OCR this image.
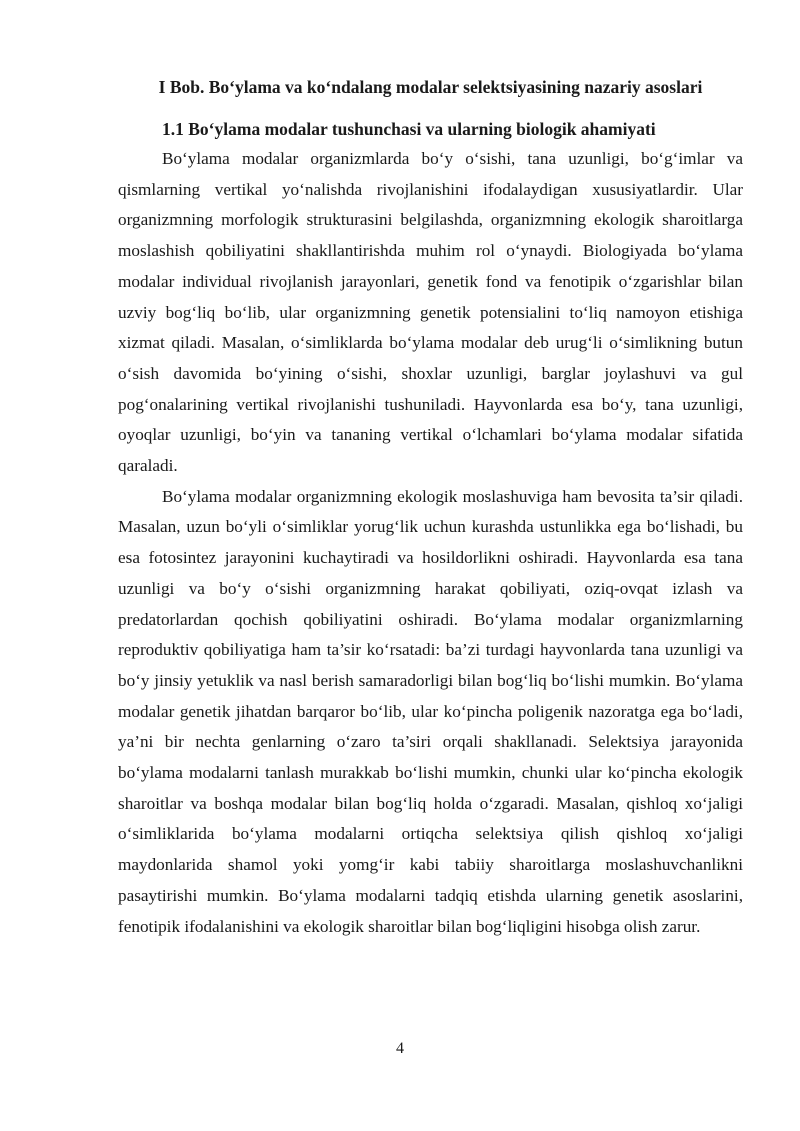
I Bob. Bo‘ylama va ko‘ndalang modalar selektsiyasining nazariy asoslari
1.1 Bo‘ylama modalar tushunchasi va ularning biologik ahamiyati

Bo‘ylama modalar organizmlarda bo‘y o‘sishi, tana uzunligi, bo‘g‘imlar va qismlarning vertikal yo‘nalishda rivojlanishini ifodalaydigan xususiyatlardir. Ular organizmning morfologik strukturasini belgilashda, organizmning ekologik sharoitlarga moslashish qobiliyatini shakllantirishda muhim rol o‘ynaydi. Biologiyada bo‘ylama modalar individual rivojlanish jarayonlari, genetik fond va fenotipik o‘zgarishlar bilan uzviy bog‘liq bo‘lib, ular organizmning genetik potensialini to‘liq namoyon etishiga xizmat qiladi. Masalan, o‘simliklarda bo‘ylama modalar deb urug‘li o‘simlikning butun o‘sish davomida bo‘yining o‘sishi, shoxlar uzunligi, barglar joylashuvi va gul pog‘onalarining vertikal rivojlanishi tushuniladi. Hayvonlarda esa bo‘y, tana uzunligi, oyoqlar uzunligi, bo‘yin va tananing vertikal o‘lchamlari bo‘ylama modalar sifatida qaraladi.

Bo‘ylama modalar organizmning ekologik moslashuviga ham bevosita ta’sir qiladi. Masalan, uzun bo‘yli o‘simliklar yorug‘lik uchun kurashda ustunlikka ega bo‘lishadi, bu esa fotosintez jarayonini kuchaytiradi va hosildorlikni oshiradi. Hayvonlarda esa tana uzunligi va bo‘y o‘sishi organizmning harakat qobiliyati, oziq-ovqat izlash va predatorlardan qochish qobiliyatini oshiradi. Bo‘ylama modalar organizmlarning reproduktiv qobiliyatiga ham ta’sir ko‘rsatadi: ba’zi turdagi hayvonlarda tana uzunligi va bo‘y jinsiy yetuklik va nasl berish samaradorligi bilan bog‘liq bo‘lishi mumkin. Bo‘ylama modalar genetik jihatdan barqaror bo‘lib, ular ko‘pincha poligenik nazoratga ega bo‘ladi, ya’ni bir nechta genlarning o‘zaro ta’siri orqali shakllanadi. Selektsiya jarayonida bo‘ylama modalarni tanlash murakkab bo‘lishi mumkin, chunki ular ko‘pincha ekologik sharoitlar va boshqa modalar bilan bog‘liq holda o‘zgaradi. Masalan, qishloq xo‘jaligi o‘simliklarida bo‘ylama modalarni ortiqcha selektsiya qilish qishloq xo‘jaligi maydonlarida shamol yoki yomg‘ir kabi tabiiy sharoitlarga moslashuvchanlikni pasaytirishi mumkin. Bo‘ylama modalarni tadqiq etishda ularning genetik asoslarini, fenotipik ifodalanishini va ekologik sharoitlar bilan bog‘liqligini hisobga olish zarur.

4
